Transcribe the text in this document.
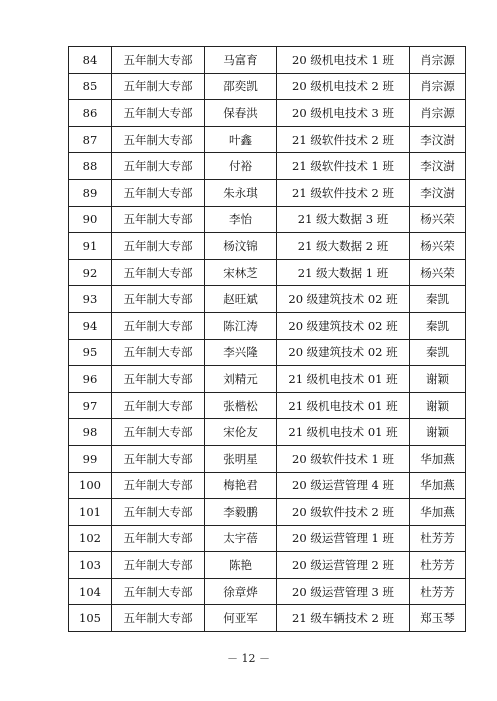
84	五年制大专部	马富育	20 级机电技术 1 班	肖宗源
85	五年制大专部	邵奕凯	20 级机电技术 2 班	肖宗源
86	五年制大专部	保春洪	20 级机电技术 3 班	肖宗源
87	五年制大专部	叶鑫	21 级软件技术 2 班	李汶澍
88	五年制大专部	付裕	21 级软件技术 1 班	李汶澍
89	五年制大专部	朱永琪	21 级软件技术 2 班	李汶澍
90	五年制大专部	李怡	21 级大数据 3 班	杨兴荣
91	五年制大专部	杨汶锦	21 级大数据 2 班	杨兴荣
92	五年制大专部	宋林芝	21 级大数据 1 班	杨兴荣
93	五年制大专部	赵旺斌	20 级建筑技术 02 班	秦凯
94	五年制大专部	陈江涛	20 级建筑技术 02 班	秦凯
95	五年制大专部	李兴隆	20 级建筑技术 02 班	秦凯
96	五年制大专部	刘精元	21 级机电技术 01 班	谢颖
97	五年制大专部	张楷松	21 级机电技术 01 班	谢颖
98	五年制大专部	宋伦友	21 级机电技术 01 班	谢颖
99	五年制大专部	张明星	20 级软件技术 1 班	华加燕
100	五年制大专部	梅艳君	20 级运营管理 4 班	华加燕
101	五年制大专部	李毅鹏	20 级软件技术 2 班	华加燕
102	五年制大专部	太宇蓓	20 级运营管理 1 班	杜芳芳
103	五年制大专部	陈艳	20 级运营管理 2 班	杜芳芳
104	五年制大专部	徐章烨	20 级运营管理 3 班	杜芳芳
105	五年制大专部	何亚军	21 级车辆技术 2 班	郑玉琴
－ 12 －
